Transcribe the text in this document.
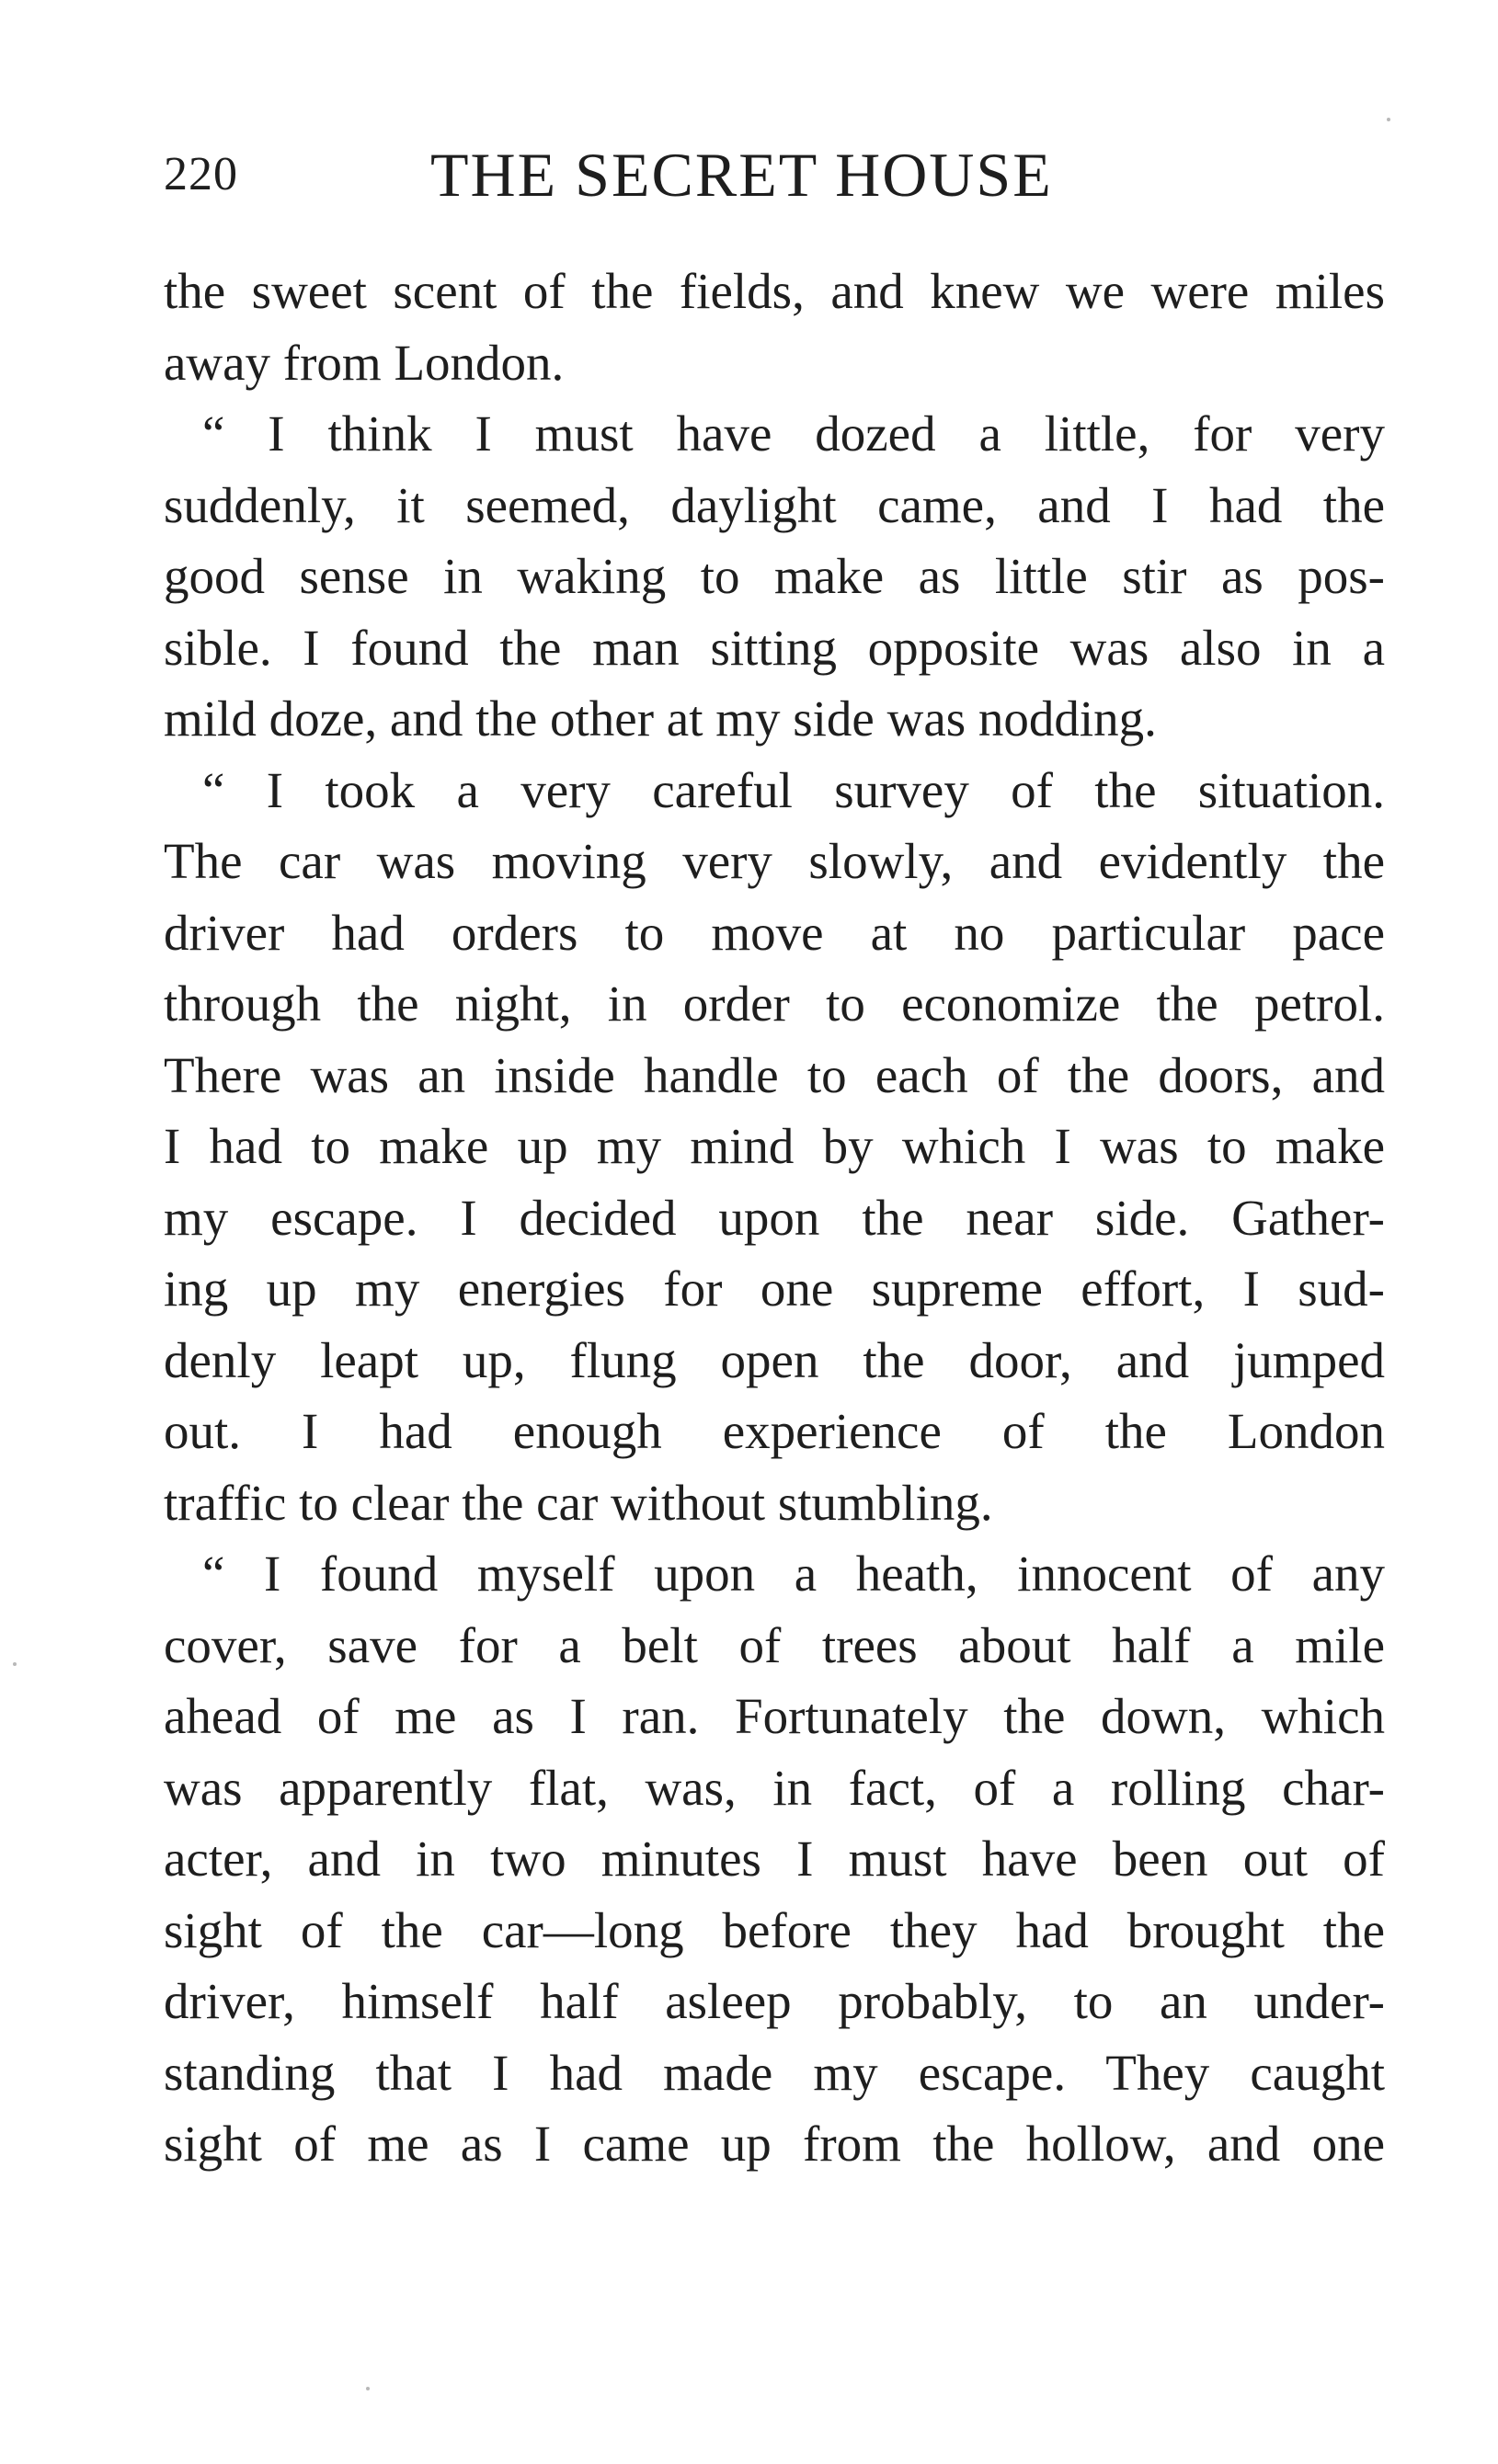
220	THE SECRET HOUSE
the sweet scent of the fields, and knew we were miles
away from London.
“ I think I must have dozed a little, for very
suddenly, it seemed, daylight came, and I had the
good sense in waking to make as little stir as pos-
sible. I found the man sitting opposite was also in a
mild doze, and the other at my side was nodding.
“ I took a very careful survey of the situation.
The car was moving very slowly, and evidently the
driver had orders to move at no particular pace
through the night, in order to economize the petrol.
There was an inside handle to each of the doors, and
I had to make up my mind by which I was to make
my escape. I decided upon the near side. Gather-
ing up my energies for one supreme effort, I sud-
denly leapt up, flung open the door, and jumped
out. I had enough experience of the London
traffic to clear the car without stumbling.
“ I found myself upon a heath, innocent of any
cover, save for a belt of trees about half a mile
ahead of me as I ran. Fortunately the down, which
was apparently flat, was, in fact, of a rolling char-
acter, and in two minutes I must have been out of
sight of the car—long before they had brought the
driver, himself half asleep probably, to an under-
standing that I had made my escape. They caught
sight of me as I came up from the hollow, and one
